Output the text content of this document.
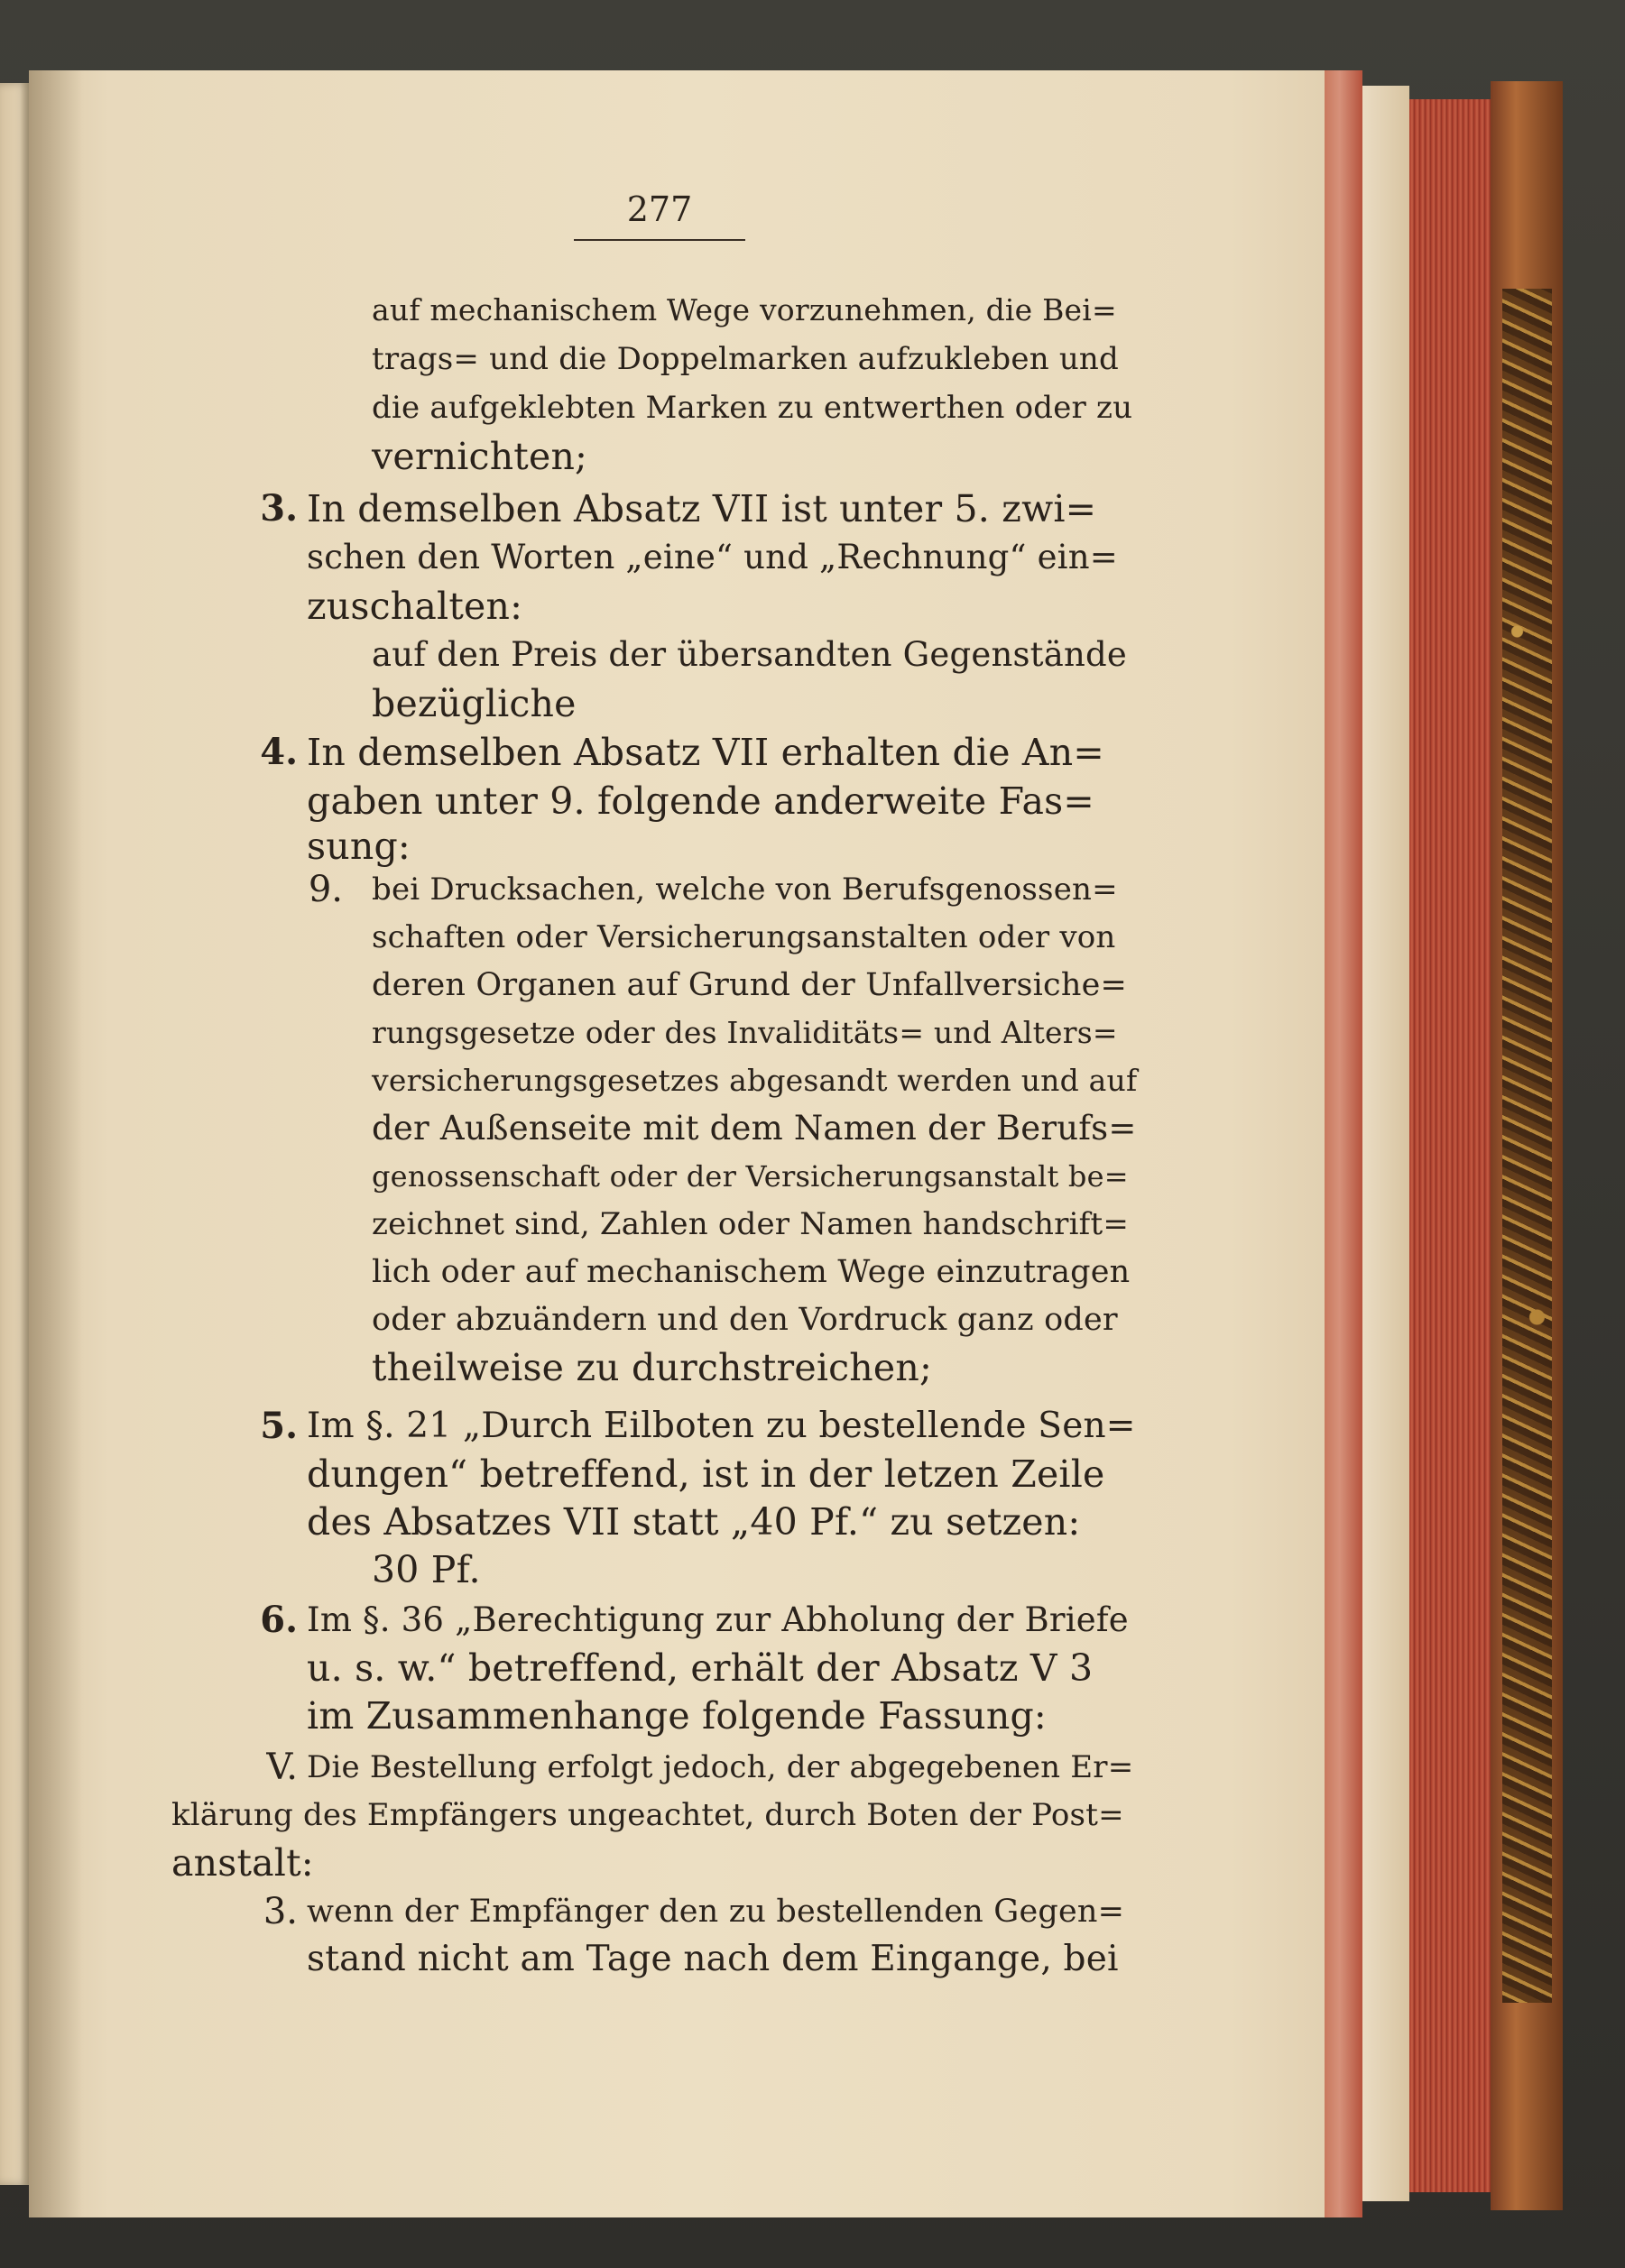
277
3.
4.
9.
5.
6.
V.
3.
auf mechanischem Wege vorzunehmen, die Bei=
trags= und die Doppelmarken aufzukleben und
die aufgeklebten Marken zu entwerthen oder zu
vernichten;
In demselben Absatz VII ist unter 5. zwi=
schen den Worten „eine“ und „Rechnung“ ein=
zuschalten:
auf den Preis der übersandten Gegenstände
bezügliche
In demselben Absatz VII erhalten die An=
gaben unter 9. folgende anderweite Fas=
sung:
bei Drucksachen, welche von Berufsgenossen=
schaften oder Versicherungsanstalten oder von
deren Organen auf Grund der Unfallversiche=
rungsgesetze oder des Invaliditäts= und Alters=
versicherungsgesetzes abgesandt werden und auf
der Außenseite mit dem Namen der Berufs=
genossenschaft oder der Versicherungsanstalt be=
zeichnet sind, Zahlen oder Namen handschrift=
lich oder auf mechanischem Wege einzutragen
oder abzuändern und den Vordruck ganz oder
theilweise zu durchstreichen;
Im §. 21 „Durch Eilboten zu bestellende Sen=
dungen“ betreffend, ist in der letzen Zeile
des Absatzes VII statt „40 Pf.“ zu setzen:
30 Pf.
Im §. 36 „Berechtigung zur Abholung der Briefe
u. s. w.“ betreffend, erhält der Absatz V 3
im Zusammenhange folgende Fassung:
Die Bestellung erfolgt jedoch, der abgegebenen Er=
klärung des Empfängers ungeachtet, durch Boten der Post=
anstalt:
wenn der Empfänger den zu bestellenden Gegen=
stand nicht am Tage nach dem Eingange, bei
